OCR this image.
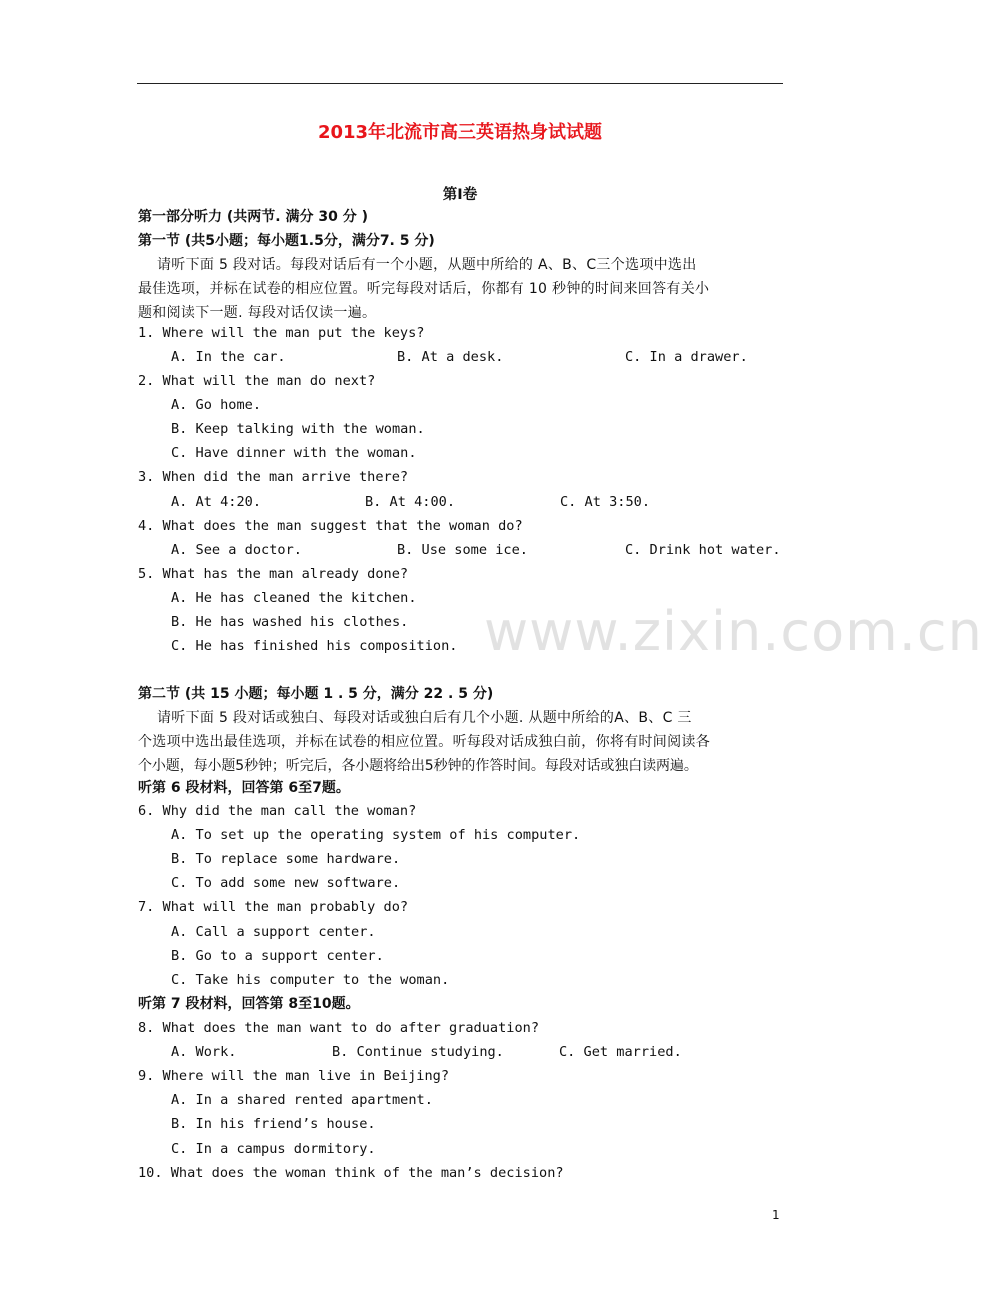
2013年北流市高三英语热身试试题
第Ⅰ卷
第一部分听力 (共两节. 满分 30 分 )
第一节 (共5小题；每小题1.5分，满分7. 5 分)
请听下面 5 段对话。每段对话后有一个小题，从题中所给的 A、B、C三个选项中选出
最佳选项，并标在试卷的相应位置。听完每段对话后，你都有 10 秒钟的时间来回答有关小
题和阅读下一题. 每段对话仅读一遍。
1. Where will the man put the keys?
A. In the car.	B. At a desk.	C. In a drawer.
2. What will the man do next?
A. Go home.
B. Keep talking with the woman.
C. Have dinner with the woman.
3. When did the man arrive there?
A. At 4:20.	B. At 4:00.	C. At 3:50.
4. What does the man suggest that the woman do?
A. See a doctor.	B. Use some ice.	C. Drink hot water.
5. What has the man already done?
A. He has cleaned the kitchen.
B. He has washed his clothes.
C. He has finished his composition.
第二节 (共 15 小题；每小题 1 . 5 分，满分 22 . 5 分)
请听下面 5 段对话或独白、每段对话或独白后有几个小题. 从题中所给的A、B、C 三
个选项中选出最佳选项，并标在试卷的相应位置。听每段对话成独白前，你将有时间阅读各
个小题，每小题5秒钟；听完后，各小题将给出5秒钟的作答时间。每段对话或独白读两遍。
听第 6 段材料，回答第 6至7题。
6. Why did the man call the woman?
A. To set up the operating system of his computer.
B. To replace some hardware.
C. To add some new software.
7. What will the man probably do?
A. Call a support center.
B. Go to a support center.
C. Take his computer to the woman.
听第 7 段材料，回答第 8至10题。
8. What does the man want to do after graduation?
A. Work.	B. Continue studying.	C. Get married.
9. Where will the man live in Beijing?
A. In a shared rented apartment.
B. In his friend’s house.
C. In a campus dormitory.
10. What does the woman think of the man’s decision?
www.zixin.com.cn
1
